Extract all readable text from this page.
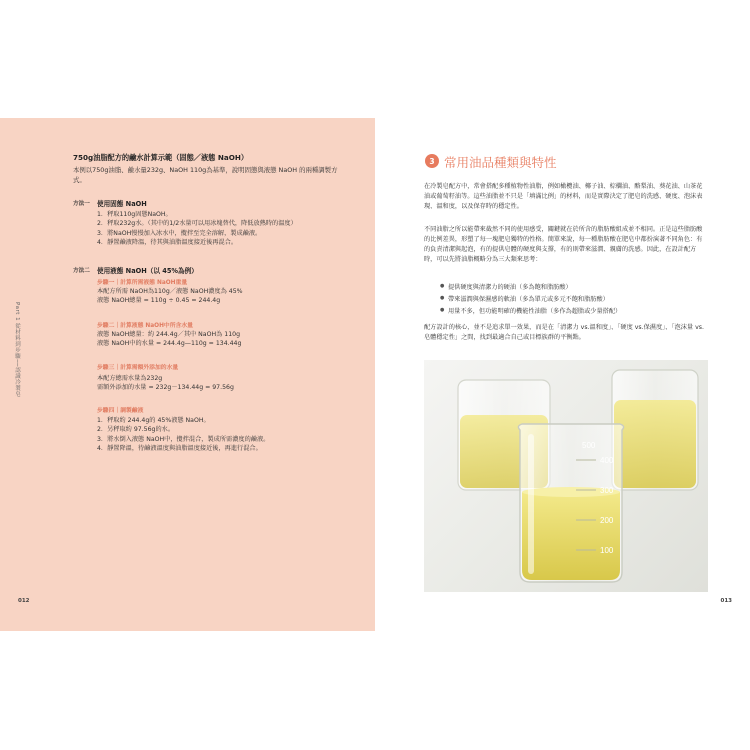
Part 1 從材料到步驟──認識冷製皂
012
750g油脂配方的鹼水計算示範（固態／液態 NaOH）
本例以750g油脂、鹼水量232g、NaOH 110g為基準，說明固態與液態 NaOH 的兩種調製方式。
方法一 使用固態 NaOH
1．秤取110g固態NaOH。
2．秤取232g水。（其中的1/2水量可以用冰塊替代，降低放熱時的溫度）
3．將NaOH慢慢加入冰水中，攪拌至完全溶解，製成鹼液。
4．靜置鹼液降溫，待其與油脂溫度接近後再混合。
方法二 使用液態 NaOH（以 45%為例）
步驟一｜計算所需液態 NaOH重量
本配方所需 NaOH為110g／液態 NaOH濃度為 45%
液態 NaOH總量 = 110g ÷ 0.45 = 244.4g
步驟二｜計算液態 NaOH中所含水量
液態 NaOH總量：約 244.4g／其中 NaOH為 110g
液態 NaOH中的水量 = 244.4g—110g = 134.44g
步驟三｜計算需額外添加的水量
本配方總需水量為232g
需額外添加的水量 = 232g－134.44g = 97.56g
步驟四｜調製鹼液
1．秤取約 244.4g的 45%液態 NaOH。
2．另秤取約 97.56g的水。
3．將水倒入液態 NaOH中，攪拌混合，製成所需濃度的鹼液。
4．靜置降溫，待鹼液溫度與油脂溫度接近後，再進行混合。
013
3 常用油品種類與特性

在冷製皂配方中，常會搭配多種植物性油脂，例如橄欖油、椰子油、棕櫚油、酪梨油、葵花油、山茶花油或葡萄籽油等。這些油脂並不只是「填滿比例」的材料，而是實際決定了肥皂的洗感、硬度、泡沫表現、溫和度，以及保存時的穩定性。

不同油脂之所以能帶來截然不同的使用感受，關鍵就在於所含的脂肪酸組成並不相同。正是這些脂肪酸的比例差異，形塑了每一塊肥皂獨特的性格。簡單來說，每一種脂肪酸在肥皂中都扮演著不同角色：有的負責清潔與起泡，有的提供皂體的硬度與支撐，有的則帶來滋潤、親膚的洗感。因此，在設計配方時，可以先將油脂概略分為三大類來思考：

● 提供硬度與清潔力的硬油（多為飽和脂肪酸）
● 帶來滋潤與保濕感的軟油（多為單元或多元不飽和脂肪酸）
● 用量不多，但功能明確的機能性油脂（多作為超脂或少量搭配）

配方設計的核心，並不是追求單一效果，而是在「清潔力 vs.溫和度」、「硬度 vs.保濕度」、「泡沫量 vs.皂體穩定性」之間，找到最適合自己或目標族群的平衡點。

400
300
200
100
500
